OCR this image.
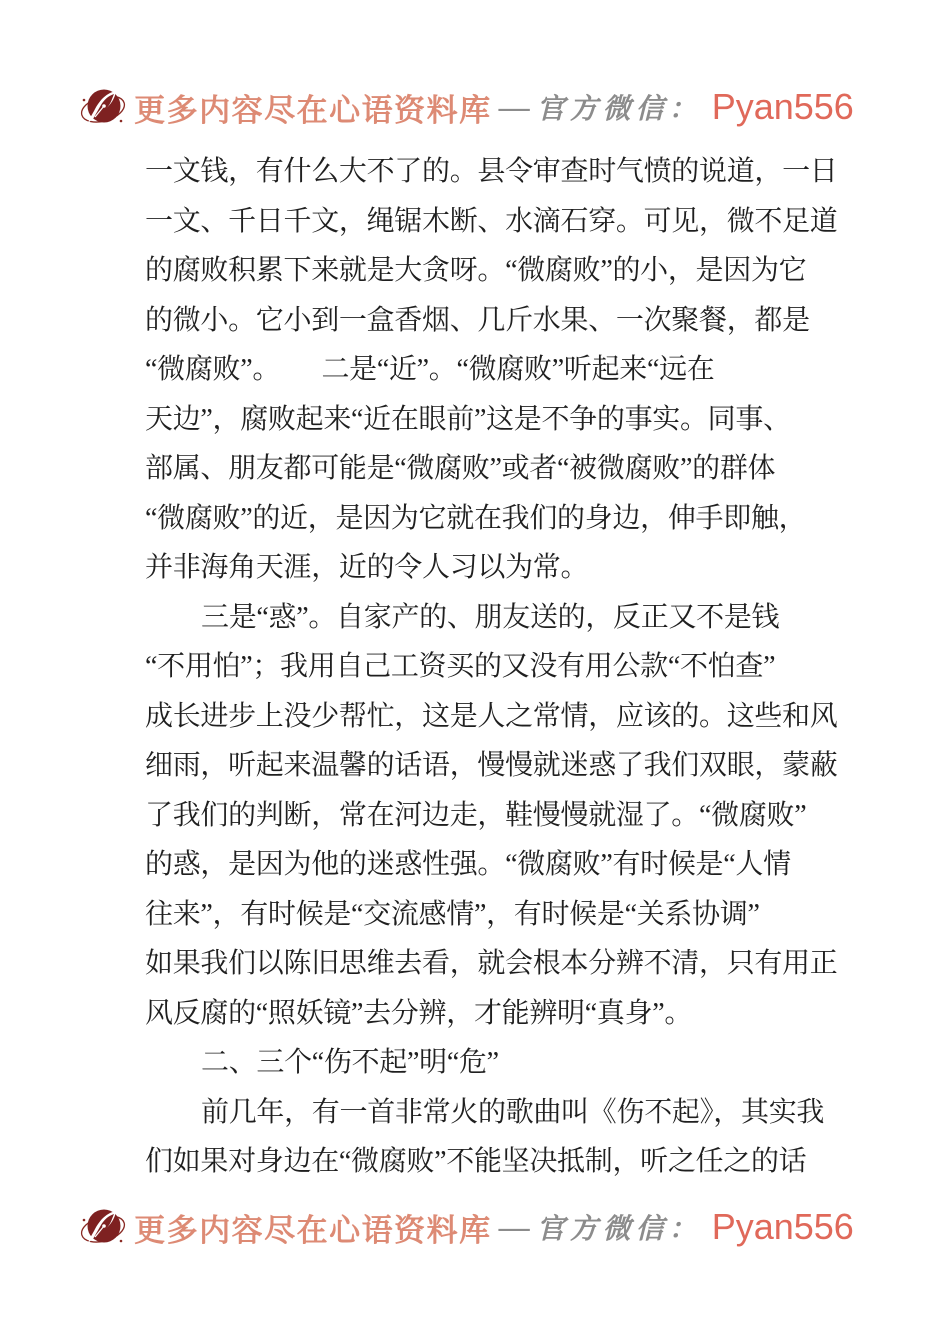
更多内容尽在心语资料库 — 官方微信： Pyan556
一文钱，有什么大不了的。县令审查时气愤的说道，一日
一文、千日千文，绳锯木断、水滴石穿。可见，微不足道
的腐败积累下来就是大贪呀。“微腐败”的小，是因为它
的微小。它小到一盒香烟、几斤水果、一次聚餐，都是
“微腐败”。　　二是“近”。“微腐败”听起来“远在
天边”，腐败起来“近在眼前”这是不争的事实。同事、
部属、朋友都可能是“微腐败”或者“被微腐败”的群体
“微腐败”的近，是因为它就在我们的身边，伸手即触，
并非海角天涯，近的令人习以为常。
三是“惑”。自家产的、朋友送的，反正又不是钱
“不用怕”；我用自己工资买的又没有用公款“不怕查”
成长进步上没少帮忙，这是人之常情，应该的。这些和风
细雨，听起来温馨的话语，慢慢就迷惑了我们双眼，蒙蔽
了我们的判断，常在河边走，鞋慢慢就湿了。“微腐败”
的惑，是因为他的迷惑性强。“微腐败”有时候是“人情
往来”，有时候是“交流感情”，有时候是“关系协调”
如果我们以陈旧思维去看，就会根本分辨不清，只有用正
风反腐的“照妖镜”去分辨，才能辨明“真身”。
二、三个“伤不起”明“危”
前几年，有一首非常火的歌曲叫《伤不起》，其实我
们如果对身边在“微腐败”不能坚决抵制，听之任之的话
更多内容尽在心语资料库 — 官方微信： Pyan556
